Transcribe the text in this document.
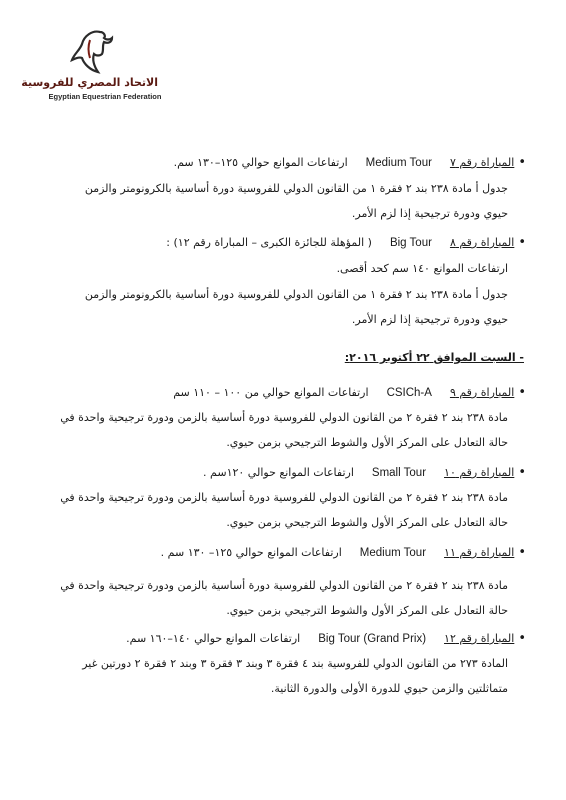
الاتحاد المصري للفروسية
Egyptian Equestrian Federation
•المباراة رقم ٧Medium Tourارتفاعات الموانع حوالي ١٢٥–١٣٠ سم.
جدول أ مادة ٢٣٨ بند ٢ فقرة ١ من القانون الدولي للفروسية دورة أساسية بالكرونومتر والزمن
حيوي ودورة ترجيحية إذا لزم الأمر.
•المباراة رقم ٨Big Tour( المؤهلة للجائزة الكبرى – المباراة رقم ١٢) :
ارتفاعات الموانع ١٤٠ سم كحد أقصى.
جدول أ مادة ٢٣٨ بند ٢ فقرة ١ من القانون الدولي للفروسية دورة أساسية بالكرونومتر والزمن
حيوي ودورة ترجيحية إذا لزم الأمر.
- السبت الموافق ٢٢ أكتوبر ٢٠١٦:
•المباراة رقم ٩CSICh-Aارتفاعات الموانع حوالي من ١٠٠ – ١١٠ سم
مادة ٢٣٨ بند ٢ فقرة ٢ من القانون الدولي للفروسية دورة أساسية بالزمن ودورة ترجيحية واحدة في
حالة التعادل على المركز الأول والشوط الترجيحي بزمن حيوي.
•المباراة رقم ١٠Small Tourارتفاعات الموانع حوالي ١٢٠سم .
مادة ٢٣٨ بند ٢ فقرة ٢ من القانون الدولي للفروسية دورة أساسية بالزمن ودورة ترجيحية واحدة في
حالة التعادل على المركز الأول والشوط الترجيحي بزمن حيوي.
•المباراة رقم ١١Medium Tourارتفاعات الموانع حوالي ١٢٥– ١٣٠ سم .
مادة ٢٣٨ بند ٢ فقرة ٢ من القانون الدولي للفروسية دورة أساسية بالزمن ودورة ترجيحية واحدة في
حالة التعادل على المركز الأول والشوط الترجيحي بزمن حيوي.
•المباراة رقم ١٢Big Tour (Grand Prix)ارتفاعات الموانع حوالي ١٤٠–١٦٠ سم.
المادة ٢٧٣ من القانون الدولي للفروسية بند ٤ فقرة ٣ وبند ٣ فقرة ٣ وبند ٢ فقرة ٢ دورتين غير
متماثلتين والزمن حيوي للدورة الأولى والدورة الثانية.
